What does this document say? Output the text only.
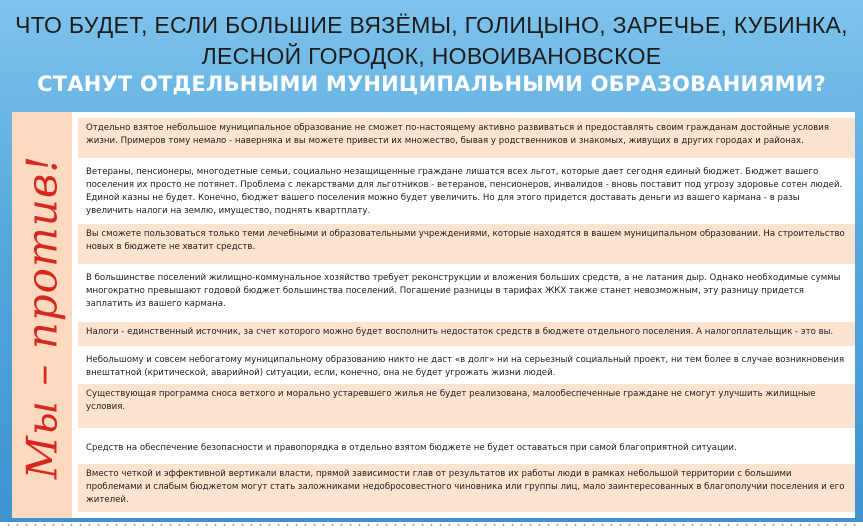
ЧТО БУДЕТ, ЕСЛИ БОЛЬШИЕ ВЯЗЁМЫ, ГОЛИЦЫНО, ЗАРЕЧЬЕ, КУБИНКА,
ЛЕСНОЙ ГОРОДОК, НОВОИВАНОВСКОЕ
СТАНУТ ОТДЕЛЬНЫМИ МУНИЦИПАЛЬНЫМИ ОБРАЗОВАНИЯМИ?
Мы – против!
Отдельно взятое небольшое муниципальное образование не сможет по-настоящему активно развиваться и предоставлять своим гражданам достойные условия жизни. Примеров тому немало - наверняка и вы можете привести их множество, бывая у родственников и знакомых, живущих в других городах и районах.
Ветераны, пенсионеры, многодетные семьи, социально незащищенные граждане лишатся всех льгот, которые дает сегодня единый бюджет. Бюджет вашего поселения их просто не потянет. Проблема с лекарствами для льготников - ветеранов, пенсионеров, инвалидов - вновь поставит под угрозу здоровье сотен людей. Единой казны не будет. Конечно, бюджет вашего поселения можно будет увеличить. Но для этого придется доставать деньги из вашего кармана - в разы увеличить налоги на землю, имущество, поднять квартплату.
Вы сможете пользоваться только теми лечебными и образовательными учреждениями, которые находятся в вашем муниципальном образовании. На строительство новых в бюджете не хватит средств.
В большинстве поселений жилищно-коммунальное хозяйство требует реконструкции и вложения больших средств, а не латания дыр. Однако необходимые суммы многократно превышают годовой бюджет большинства поселений. Погашение разницы в тарифах ЖКХ также станет невозможным, эту разницу придется заплатить из вашего кармана.
Налоги - единственный источник, за счет которого можно будет восполнить недостаток средств в бюджете отдельного поселения. А налогоплательщик - это вы.
Небольшому и совсем небогатому муниципальному образованию никто не даст «в долг» ни на серьезный социальный проект, ни тем более в случае возникновения внештатной (критической, аварийной) ситуации, если, конечно, она не будет угрожать жизни людей.
Существующая программа сноса ветхого и морально устаревшего жилья не будет реализована, малообеспеченные граждане не смогут улучшить жилищные условия.
Средств на обеспечение безопасности и правопорядка в отдельно взятом бюджете не будет оставаться при самой благоприятной ситуации.
Вместо четкой и эффективной вертикали власти, прямой зависимости глав от результатов их работы люди в рамках небольшой территории с большими проблемами и слабым бюджетом могут стать заложниками недобросовестного чиновника или группы лиц, мало заинтересованных в благополучии поселения и его жителей.
